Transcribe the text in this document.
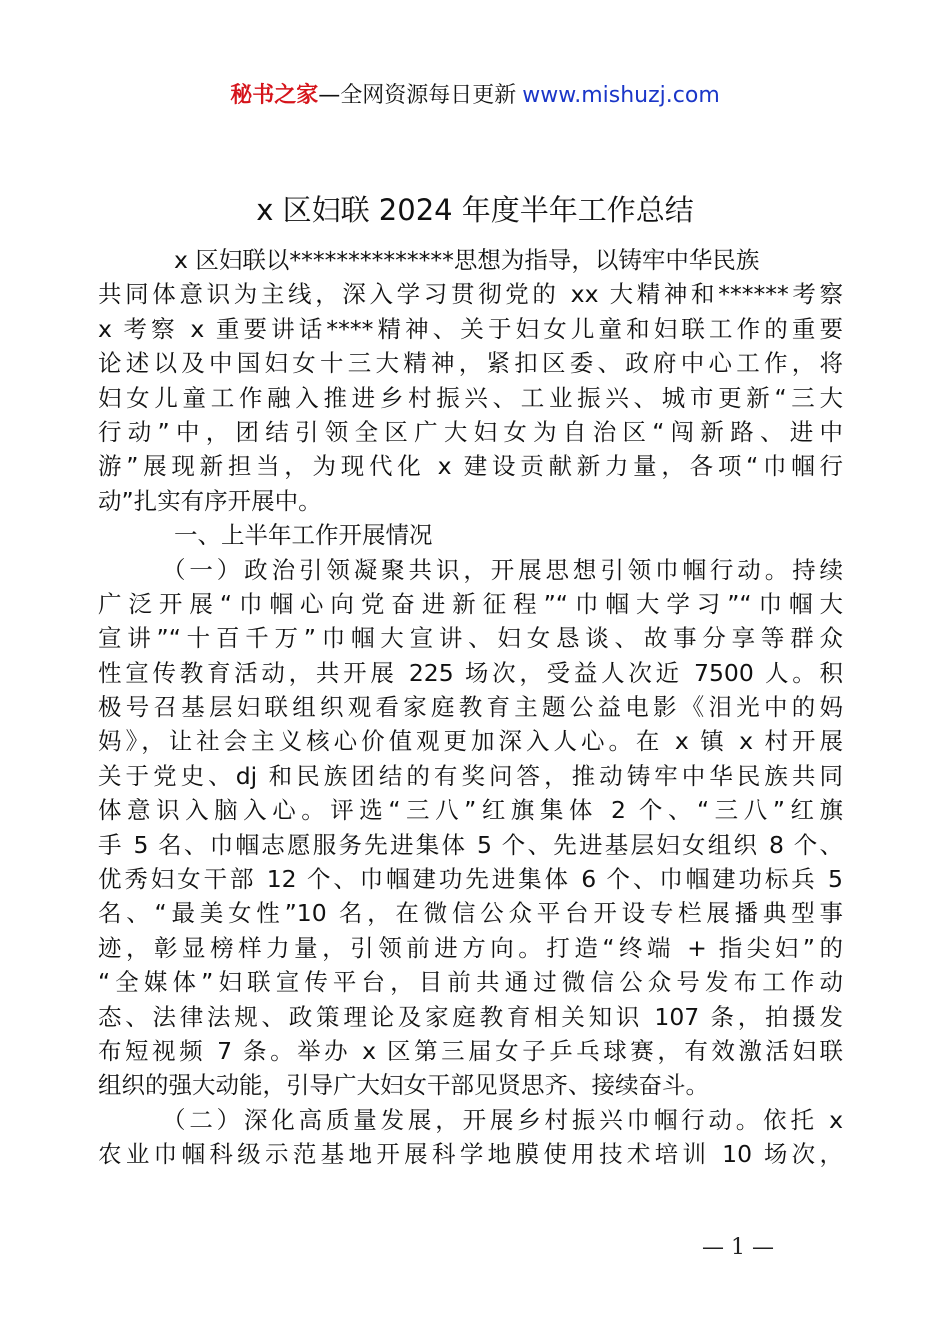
秘书之家—全网资源每日更新 www.mishuzj.com
x 区妇联 2024 年度半年工作总结
x 区妇联以**************思想为指导，以铸牢中华民族
共同体意识为主线，深入学习贯彻党的 xx 大精神和******考察
x 考察 x 重要讲话****精神、关于妇女儿童和妇联工作的重要
论述以及中国妇女十三大精神，紧扣区委、政府中心工作，将
妇女儿童工作融入推进乡村振兴、工业振兴、城市更新“三大
行动”中，团结引领全区广大妇女为自治区“闯新路、进中
游”展现新担当，为现代化 x 建设贡献新力量，各项“巾帼行
动”扎实有序开展中。
一、上半年工作开展情况
（一）政治引领凝聚共识，开展思想引领巾帼行动。持续
广泛开展“巾帼心向党奋进新征程”“巾帼大学习”“巾帼大
宣讲”“十百千万”巾帼大宣讲、妇女恳谈、故事分享等群众
性宣传教育活动，共开展 225 场次，受益人次近 7500 人。积
极号召基层妇联组织观看家庭教育主题公益电影《泪光中的妈
妈》，让社会主义核心价值观更加深入人心。在 x 镇 x 村开展
关于党史、dj 和民族团结的有奖问答，推动铸牢中华民族共同
体意识入脑入心。评选“三八”红旗集体 2 个、“三八”红旗
手 5 名、巾帼志愿服务先进集体 5 个、先进基层妇女组织 8 个、
优秀妇女干部 12 个、巾帼建功先进集体 6 个、巾帼建功标兵 5
名、“最美女性”10 名，在微信公众平台开设专栏展播典型事
迹，彰显榜样力量，引领前进方向。打造“终端 + 指尖妇”的
“全媒体”妇联宣传平台，目前共通过微信公众号发布工作动
态、法律法规、政策理论及家庭教育相关知识 107 条，拍摄发
布短视频 7 条。举办 x 区第三届女子乒乓球赛，有效激活妇联
组织的强大动能，引导广大妇女干部见贤思齐、接续奋斗。
（二）深化高质量发展，开展乡村振兴巾帼行动。依托 x
农业巾帼科级示范基地开展科学地膜使用技术培训 10 场次，
— 1 —
